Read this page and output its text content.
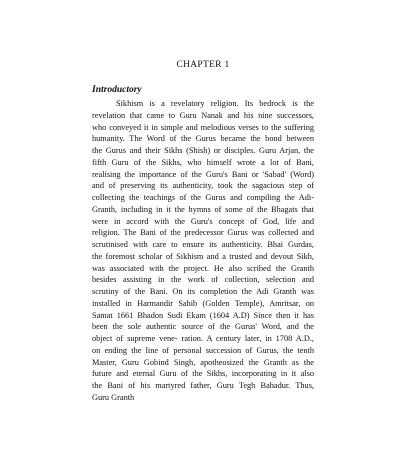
CHAPTER 1
Introductory
Sikhism is a revelatory religion. Its bedrock is the
revelation that came to Guru Nanak and his nine successors,
who conveyed it in simple and melodious verses to the suffering
humanity. The Word of the Gurus became the bond between
the Gurus and their Sikhs (Shish) or disciples. Guru Arjan, the
fifth Guru of the Sikhs, who himself wrote a lot of Bani,
realising the importance of the Guru's Bani or 'Sabad' (Word)
and of preserving its authenticity, took the sagacious step of
collecting the teachings of the Gurus and compiling the Adi-
Granth, including in it the hymns of some of the Bhagats that
were in accord with the Guru's concept of God, life and
religion. The Bani of the predecessor Gurus was collected and
scrutinised with care to ensure its authenticity. Bhai Gurdas,
the foremost scholar of Sikhism and a trusted and devout Sikh,
was associated with the project. He also scribed the Granth
besides assisting in the work of collection, selection and
scrutiny of the Bani. On its completion the Adi Granth was
installed in Harmandir Sahib (Golden Temple), Amritsar, on
Samat 1661 Bhadon Sudi Ekam (1604 A.D) Since then it has
been the sole authentic source of the Gurus' Word, and the
object of supreme vene- ration. A century later, in 1708 A.D.,
on ending the line of personal succession of Gurus, the tenth
Master, Guru Gobind Singh, apotheosized the Granth as the
future and eternal Guru of the Sikhs, incorporating in it also
the Bani of his martyred father, Guru Tegh Bahadur. Thus,
Guru Granth
